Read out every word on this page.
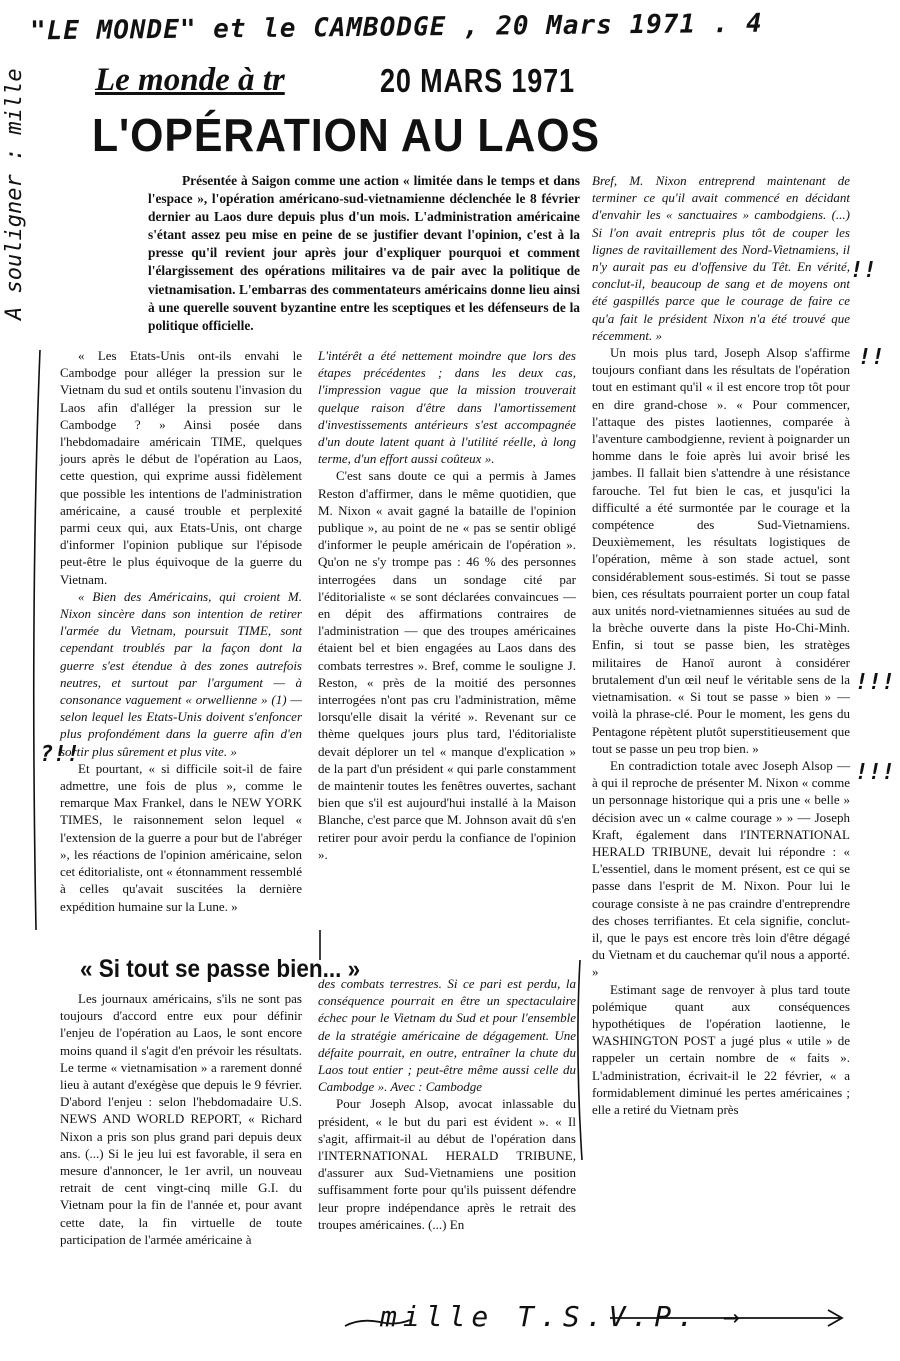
"LE MONDE" et le CAMBODGE , 20 Mars 1971 . 4
Le monde à tr	20 MARS 1971
L'OPÉRATION AU LAOS

Présentée à Saigon comme une action « limitée dans le temps et dans l'espace », l'opération américano-sud-vietnamienne déclenchée le 8 février dernier au Laos dure depuis plus d'un mois. L'administration américaine s'étant assez peu mise en peine de se justifier devant l'opinion, c'est à la presse qu'il revient jour après jour d'expliquer pourquoi et comment l'élargissement des opérations militaires va de pair avec la politique de vietnamisation. L'embarras des commentateurs américains donne lieu ainsi à une querelle souvent byzantine entre les sceptiques et les défenseurs de la politique officielle.

« Les Etats-Unis ont-ils envahi le Cambodge pour alléger la pression sur le Vietnam du sud et ontils soutenu l'invasion du Laos afin d'alléger la pression sur le Cambodge ? » Ainsi posée dans l'hebdomadaire américain TIME, quelques jours après le début de l'opération au Laos, cette question, qui exprime aussi fidèlement que possible les intentions de l'administration américaine, a causé trouble et perplexité parmi ceux qui, aux Etats-Unis, ont charge d'informer l'opinion publique sur l'épisode peut-être le plus équivoque de la guerre du Vietnam.

« Bien des Américains, qui croient M. Nixon sincère dans son intention de retirer l'armée du Vietnam, poursuit TIME, sont cependant troublés par la façon dont la guerre s'est étendue à des zones autrefois neutres, et surtout par l'argument — à consonance vaguement « orwellienne » (1) — selon lequel les Etats-Unis doivent s'enfoncer plus profondément dans la guerre afin d'en sortir plus sûrement et plus vite. »

Et pourtant, « si difficile soit-il de faire admettre, une fois de plus », comme le remarque Max Frankel, dans le NEW YORK TIMES, le raisonnement selon lequel « l'extension de la guerre a pour but de l'abréger », les réactions de l'opinion américaine, selon cet éditorialiste, ont « étonnamment ressemblé à celles qu'avait suscitées la dernière expédition humaine sur la Lune. »

L'intérêt a été nettement moindre que lors des étapes précédentes ; dans les deux cas, l'impression vague que la mission trouverait quelque raison d'être dans l'amortissement d'investissements antérieurs s'est accompagnée d'un doute latent quant à l'utilité réelle, à long terme, d'un effort aussi coûteux ».

C'est sans doute ce qui a permis à James Reston d'affirmer, dans le même quotidien, que M. Nixon « avait gagné la bataille de l'opinion publique », au point de ne « pas se sentir obligé d'informer le peuple américain de l'opération ». Qu'on ne s'y trompe pas : 46 % des personnes interrogées dans un sondage cité par l'éditorialiste « se sont déclarées convaincues — en dépit des affirmations contraires de l'administration — que des troupes américaines étaient bel et bien engagées au Laos dans des combats terrestres ». Bref, comme le souligne J. Reston, « près de la moitié des personnes interrogées n'ont pas cru l'administration, même lorsqu'elle disait la vérité ». Revenant sur ce thème quelques jours plus tard, l'éditorialiste devait déplorer un tel « manque d'explication » de la part d'un président « qui parle constamment de maintenir toutes les fenêtres ouvertes, sachant bien que s'il est aujourd'hui installé à la Maison Blanche, c'est parce que M. Johnson avait dû s'en retirer pour avoir perdu la confiance de l'opinion ».

Bref, M. Nixon entreprend maintenant de terminer ce qu'il avait commencé en décidant d'envahir les « sanctuaires » cambodgiens. (...) Si l'on avait entrepris plus tôt de couper les lignes de ravitaillement des Nord-Vietnamiens, il n'y aurait pas eu d'offensive du Têt. En vérité, conclut-il, beaucoup de sang et de moyens ont été gaspillés parce que le courage de faire ce qu'a fait le président Nixon n'a été trouvé que récemment. »

Un mois plus tard, Joseph Alsop s'affirme toujours confiant dans les résultats de l'opération tout en estimant qu'il « il est encore trop tôt pour en dire grand-chose ». « Pour commencer, l'attaque des pistes laotiennes, comparée à l'aventure cambodgienne, revient à poignarder un homme dans le foie après lui avoir brisé les jambes. Il fallait bien s'attendre à une résistance farouche. Tel fut bien le cas, et jusqu'ici la difficulté a été surmontée par le courage et la compétence des Sud-Vietnamiens. Deuxièmement, les résultats logistiques de l'opération, même à son stade actuel, sont considérablement sous-estimés. Si tout se passe bien, ces résultats pourraient porter un coup fatal aux unités nord-vietnamiennes situées au sud de la brèche ouverte dans la piste Ho-Chi-Minh. Enfin, si tout se passe bien, les stratèges militaires de Hanoï auront à considérer brutalement d'un œil neuf le véritable sens de la vietnamisation. « Si tout se passe » bien » — voilà la phrase-clé. Pour le moment, les gens du Pentagone répètent plutôt superstitieusement que tout se passe un peu trop bien. »

En contradiction totale avec Joseph Alsop — à qui il reproche de présenter M. Nixon « comme un personnage historique qui a pris une « belle » décision avec un « calme courage » » — Joseph Kraft, également dans l'INTERNATIONAL HERALD TRIBUNE, devait lui répondre : « L'essentiel, dans le moment présent, est ce qui se passe dans l'esprit de M. Nixon. Pour lui le courage consiste à ne pas craindre d'entreprendre des choses terrifiantes. Et cela signifie, conclut-il, que le pays est encore très loin d'être dégagé du Vietnam et du cauchemar qu'il nous a apporté. »

Estimant sage de renvoyer à plus tard toute polémique quant aux conséquences hypothétiques de l'opération laotienne, le WASHINGTON POST a jugé plus « utile » de rappeler un certain nombre de « faits ». L'administration, écrivait-il le 22 février, « a formidablement diminué les pertes américaines ; elle a retiré du Vietnam près

« Si tout se passe bien... »

Les journaux américains, s'ils ne sont pas toujours d'accord entre eux pour définir l'enjeu de l'opération au Laos, le sont encore moins quand il s'agit d'en prévoir les résultats. Le terme « vietnamisation » a rarement donné lieu à autant d'exégèse que depuis le 9 février. D'abord l'enjeu : selon l'hebdomadaire U.S. NEWS AND WORLD REPORT, « Richard Nixon a pris son plus grand pari depuis deux ans. (...) Si le jeu lui est favorable, il sera en mesure d'annoncer, le 1er avril, un nouveau retrait de cent vingt-cinq mille G.I. du Vietnam pour la fin de l'année et, pour avant cette date, la fin virtuelle de toute participation de l'armée américaine à

des combats terrestres. Si ce pari est perdu, la conséquence pourrait en être un spectaculaire échec pour le Vietnam du Sud et pour l'ensemble de la stratégie américaine de dégagement. Une défaite pourrait, en outre, entraîner la chute du Laos tout entier ; peut-être même aussi celle du Cambodge ». Avec : Cambodge

Pour Joseph Alsop, avocat inlassable du président, « le but du pari est évident ». « Il s'agit, affirmait-il au début de l'opération dans l'INTERNATIONAL HERALD TRIBUNE, d'assurer aux Sud-Vietnamiens une position suffisamment forte pour qu'ils puissent défendre leur propre indépendance après le retrait des troupes américaines. (...) En

A souligner : mille
?!!
!!
!!
!!!
!!!
mille T.S.V.P. →
